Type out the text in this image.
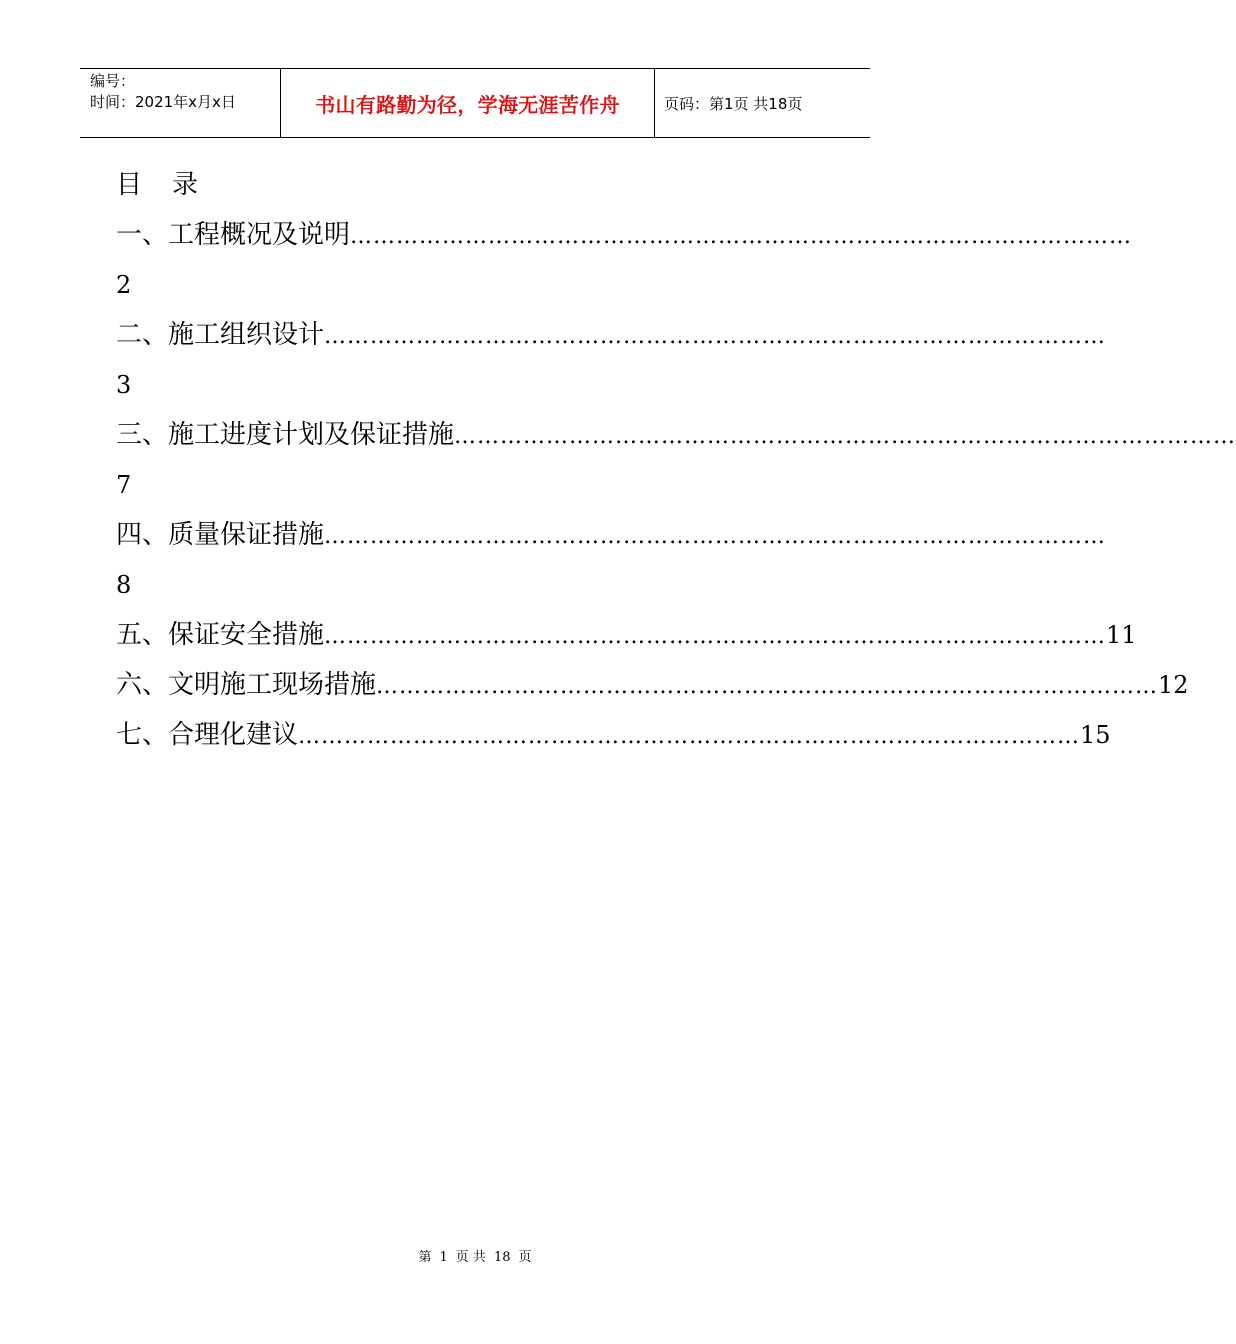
编号：
时间：2021年x月x日	书山有路勤为径，学海无涯苦作舟	页码：第1页 共18页
目 录
一、工程概况及说明 …………………………………………………………………………………………
2
二、施工组织设计 …………………………………………………………………………………………
3
三、施工进度计划及保证措施 …………………………………………………………………………………………
7
四、质量保证措施 …………………………………………………………………………………………
8
五、保证安全措施 ………………………………………………………………………………………… 11
六、文明施工现场措施 ………………………………………………………………………………………… 12
七、合理化建议 ………………………………………………………………………………………… 15
第 1 页 共 18 页
